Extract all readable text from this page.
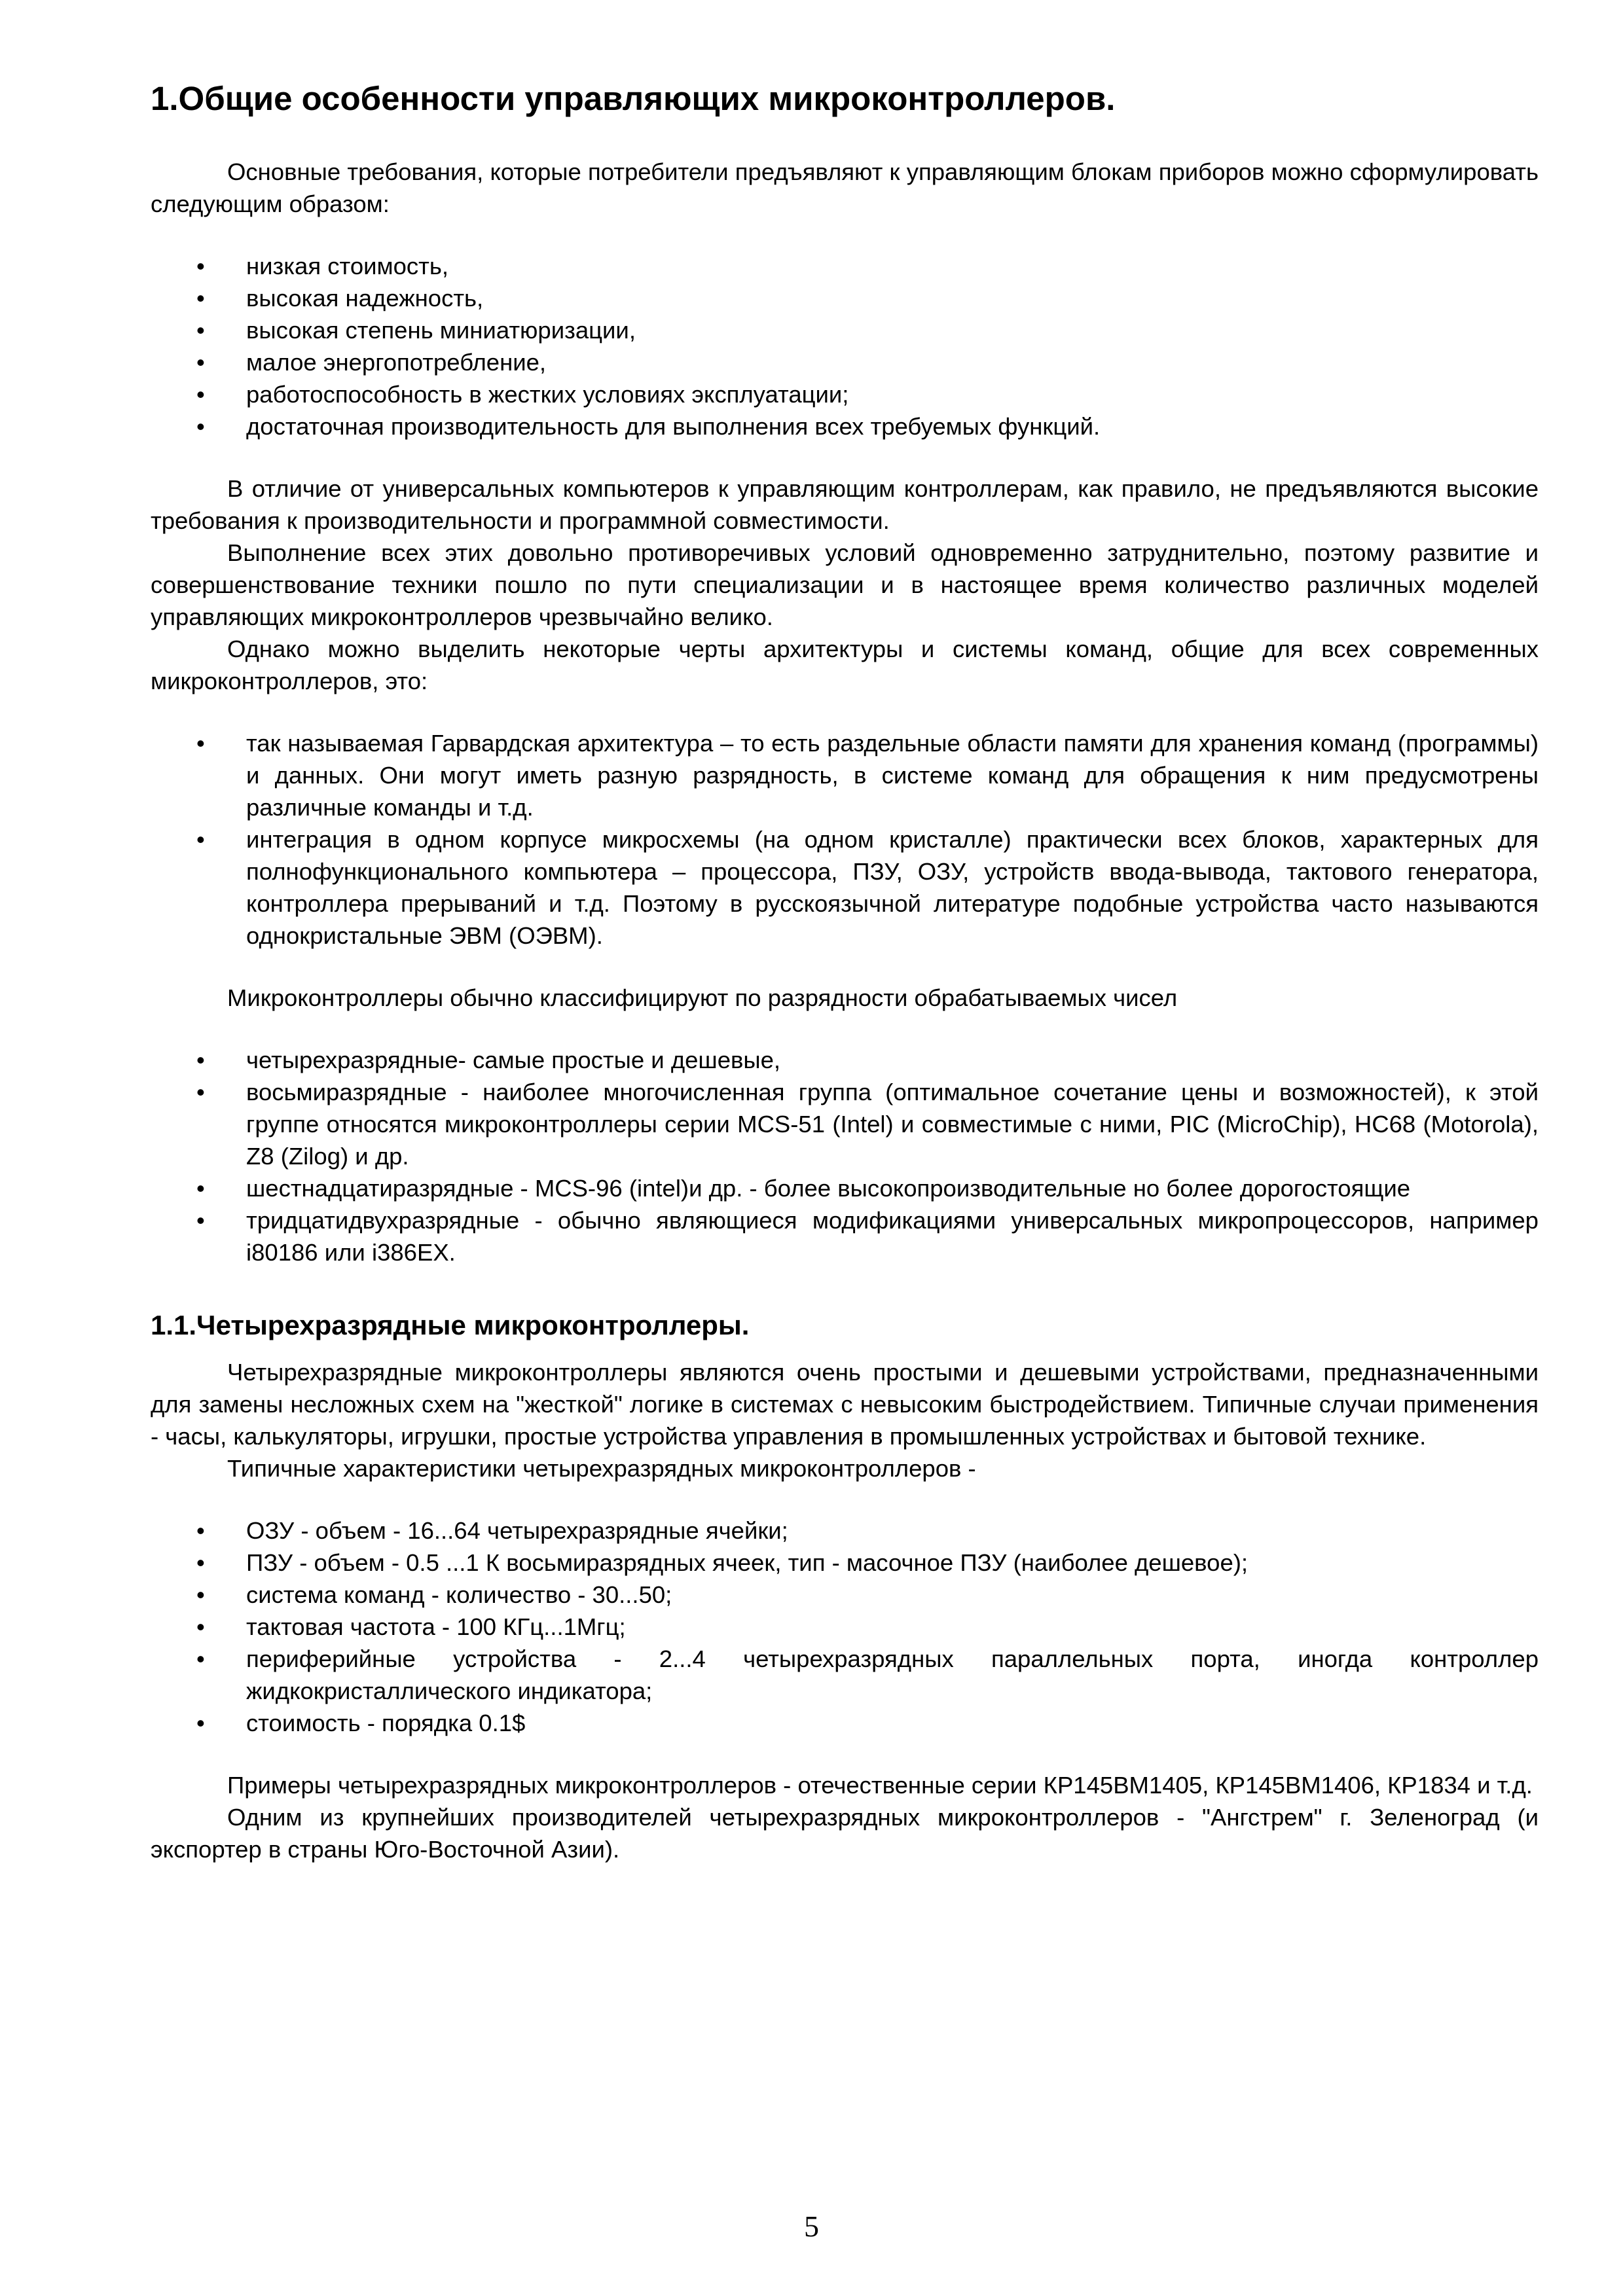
1.Общие особенности управляющих микроконтроллеров.

Основные требования, которые потребители предъявляют к управляющим блокам приборов можно сформулировать следующим образом:

• низкая стоимость,
• высокая надежность,
• высокая степень миниатюризации,
• малое энергопотребление,
• работоспособность в жестких условиях эксплуатации;
• достаточная производительность для выполнения всех требуемых функций.

В отличие от универсальных компьютеров к управляющим контроллерам, как правило, не предъявляются высокие требования к производительности и программной совместимости.

Выполнение всех этих довольно противоречивых условий одновременно затруднительно, поэтому развитие и совершенствование техники пошло по пути специализации и в настоящее время количество различных моделей управляющих микроконтроллеров чрезвычайно велико.

Однако можно выделить некоторые черты архитектуры и системы команд, общие для всех современных микроконтроллеров, это:

• так называемая Гарвардская архитектура – то есть раздельные области памяти для хранения команд (программы) и данных. Они могут иметь разную разрядность, в системе команд для обращения к ним предусмотрены различные команды и т.д.
• интеграция в одном корпусе микросхемы (на одном кристалле) практически всех блоков, характерных для полнофункционального компьютера – процессора, ПЗУ, ОЗУ, устройств ввода-вывода, тактового генератора, контроллера прерываний и т.д. Поэтому в русскоязычной литературе подобные устройства часто называются однокристальные ЭВМ (ОЭВМ).

Микроконтроллеры обычно классифицируют по разрядности обрабатываемых чисел

• четырехразрядные- самые простые и дешевые,
• восьмиразрядные - наиболее многочисленная группа (оптимальное сочетание цены и возможностей), к этой группе относятся микроконтроллеры серии MCS-51 (Intel) и совместимые с ними, PIC (MicroChip), HC68 (Motorola), Z8 (Zilog) и др.
• шестнадцатиразрядные - MCS-96 (intel)и др. - более высокопроизводительные но более дорогостоящие
• тридцатидвухразрядные - обычно являющиеся модификациями универсальных микропроцессоров, например i80186 или i386EX.
1.1.Четырехразрядные микроконтроллеры.

Четырехразрядные микроконтроллеры являются очень простыми и дешевыми устройствами, предназначенными для замены несложных схем на "жесткой" логике в системах с невысоким быстродействием. Типичные случаи применения - часы, калькуляторы, игрушки, простые устройства управления в промышленных устройствах и бытовой технике.

Типичные характеристики четырехразрядных микроконтроллеров -

• ОЗУ - объем - 16...64 четырехразрядные ячейки;
• ПЗУ - объем - 0.5 ...1 К восьмиразрядных ячеек, тип - масочное ПЗУ (наиболее дешевое);
• система команд - количество - 30...50;
• тактовая частота - 100 КГц...1Мгц;
• периферийные устройства - 2...4 четырехразрядных параллельных порта, иногда контроллер жидкокристаллического индикатора;
• стоимость - порядка 0.1$

Примеры четырехразрядных микроконтроллеров - отечественные серии КР145ВМ1405, КР145ВМ1406, КР1834 и т.д.

Одним из крупнейших производителей четырехразрядных микроконтроллеров - "Ангстрем" г. Зеленоград (и экспортер в страны Юго-Восточной Азии).

5
